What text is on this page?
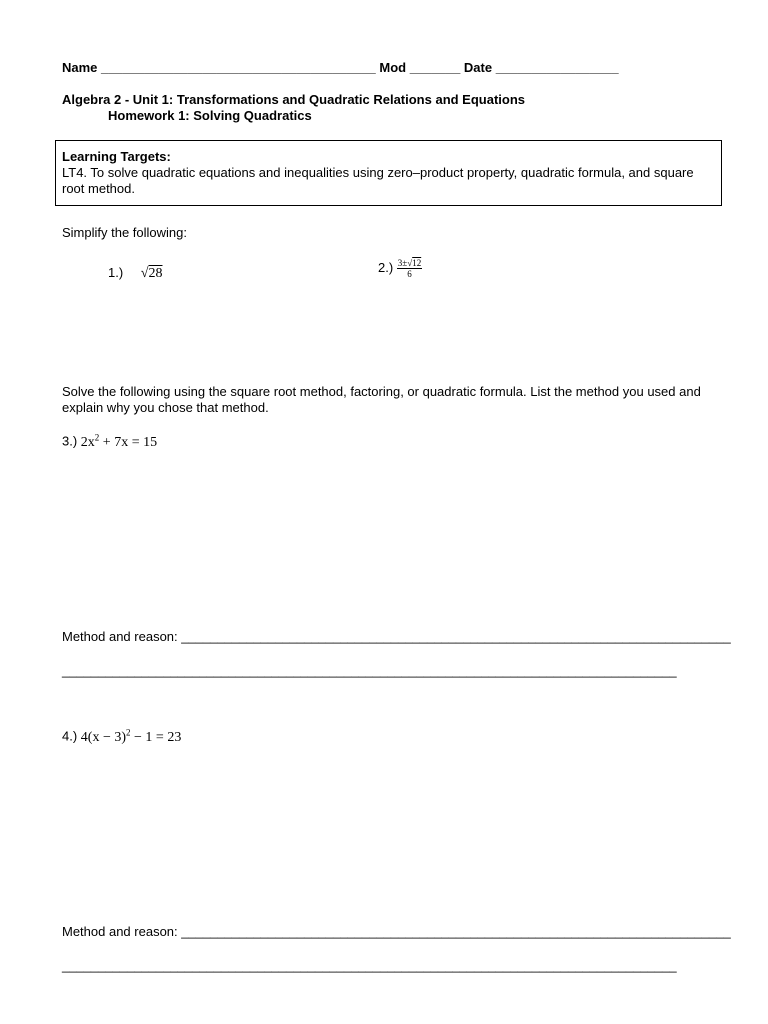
Name ______________________________________ Mod _______ Date _________________
Algebra 2 - Unit 1: Transformations and Quadratic Relations and Equations
Homework 1: Solving Quadratics
Learning Targets:
LT4. To solve quadratic equations and inequalities using zero–product property, quadratic formula, and square root method.
Simplify the following:
1.) √28	$2.) \frac{3\pm√12}{6}$
Solve the following using the square root method, factoring, or quadratic formula. List the method you used and explain why you chose that method.
3.) $2x^2 + 7x = 15$
Method and reason: ____________________________________________________________________________
_____________________________________________________________________________________
4.) $4(x - 3)^2 - 1 = 23$
Method and reason: ____________________________________________________________________________
_____________________________________________________________________________________
